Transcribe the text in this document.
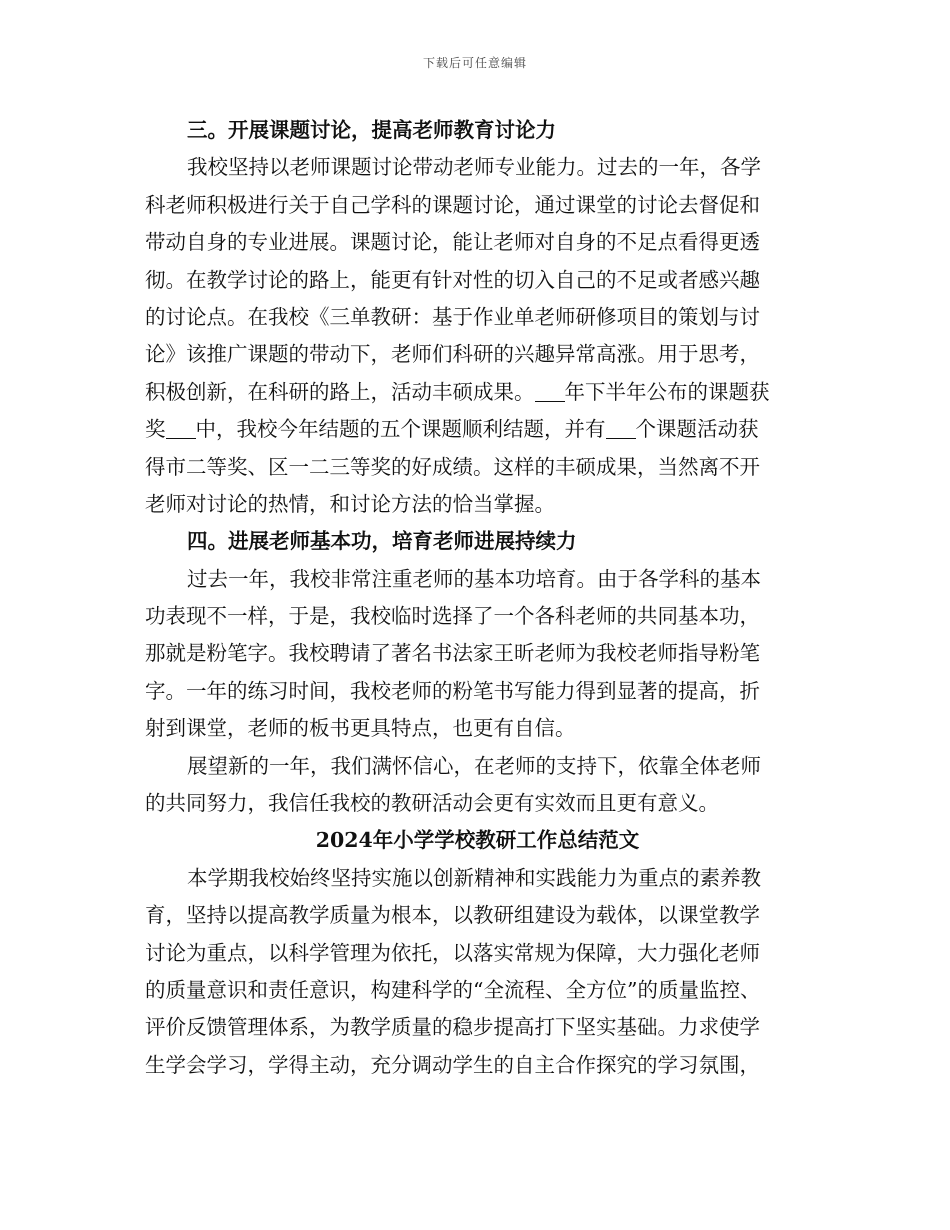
下载后可任意编辑
三。开展课题讨论，提高老师教育讨论力
我校坚持以老师课题讨论带动老师专业能力。过去的一年，各学
科老师积极进行关于自己学科的课题讨论，通过课堂的讨论去督促和
带动自身的专业进展。课题讨论，能让老师对自身的不足点看得更透
彻。在教学讨论的路上，能更有针对性的切入自己的不足或者感兴趣
的讨论点。在我校《三单教研：基于作业单老师研修项目的策划与讨
论》该推广课题的带动下，老师们科研的兴趣异常高涨。用于思考，
积极创新，在科研的路上，活动丰硕成果。 年下半年公布的课题获
奖 中，我校今年结题的五个课题顺利结题，并有 个课题活动获
得市二等奖、区一二三等奖的好成绩。这样的丰硕成果，当然离不开
老师对讨论的热情，和讨论方法的恰当掌握。
四。进展老师基本功，培育老师进展持续力
过去一年，我校非常注重老师的基本功培育。由于各学科的基本
功表现不一样，于是，我校临时选择了一个各科老师的共同基本功，
那就是粉笔字。我校聘请了著名书法家王昕老师为我校老师指导粉笔
字。一年的练习时间，我校老师的粉笔书写能力得到显著的提高，折
射到课堂，老师的板书更具特点，也更有自信。
展望新的一年，我们满怀信心，在老师的支持下，依靠全体老师
的共同努力，我信任我校的教研活动会更有实效而且更有意义。
2024年小学学校教研工作总结范文
本学期我校始终坚持实施以创新精神和实践能力为重点的素养教
育，坚持以提高教学质量为根本，以教研组建设为载体，以课堂教学
讨论为重点，以科学管理为依托，以落实常规为保障，大力强化老师
的质量意识和责任意识，构建科学的“全流程、全方位”的质量监控、
评价反馈管理体系，为教学质量的稳步提高打下坚实基础。力求使学
生学会学习，学得主动，充分调动学生的自主合作探究的学习氛围，
